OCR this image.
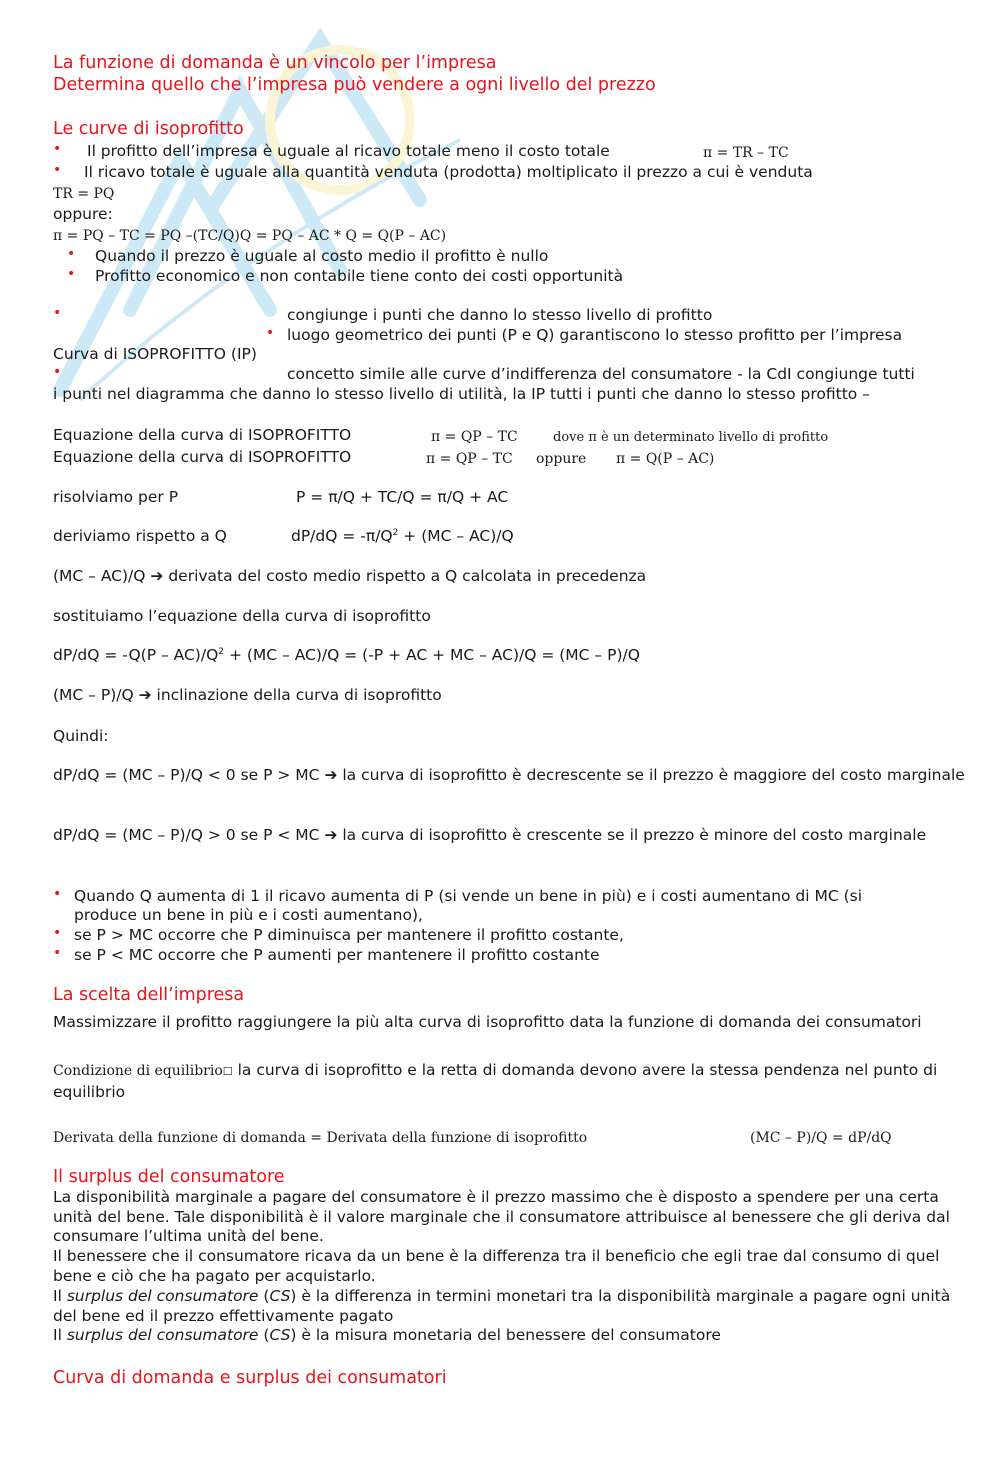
La funzione di domanda è un vincolo per l’impresa
Determina quello che l’impresa può vendere a ogni livello del prezzo
Le curve di isoprofitto
• Il profitto dell’impresa è uguale al ricavo totale meno il costo totale	π = TR – TC
• Il ricavo totale è uguale alla quantità venduta (prodotta) moltiplicato il prezzo a cui è venduta
TR = PQ
oppure:
π = PQ – TC = PQ –(TC/Q)Q = PQ – AC * Q = Q(P – AC)
• Quando il prezzo è uguale al costo medio il profitto è nullo
• Profitto economico e non contabile tiene conto dei costi opportunità
•	congiunge i punti che danno lo stesso livello di profitto
• luogo geometrico dei punti (P e Q) garantiscono lo stesso profitto per l’impresa
Curva di ISOPROFITTO (IP)
•	concetto simile alle curve d’indifferenza del consumatore - la CdI congiunge tutti
i punti nel diagramma che danno lo stesso livello di utilità, la IP tutti i punti che danno lo stesso profitto –
Equazione della curva di ISOPROFITTO	π = QP – TC	dove π è un determinato livello di profitto
Equazione della curva di ISOPROFITTO	π = QP – TC oppure π = Q(P – AC)
risolviamo per P	P = π/Q + TC/Q = π/Q + AC
deriviamo rispetto a Q	$dP/dQ = -\pi/Q^2 + (MC - AC)/Q$
(MC – AC)/Q ➔ derivata del costo medio rispetto a Q calcolata in precedenza
sostituiamo l’equazione della curva di isoprofitto
$dP/dQ = -Q(P - AC)/Q^2 + (MC - AC)/Q = (-P$ + AC + MC – AC)/Q = (MC – P)/Q
(MC – P)/Q ➔ inclinazione della curva di isoprofitto
Quindi:
dP/dQ = (MC – P)/Q < 0 se P > MC ➔ la curva di isoprofitto è decrescente se il prezzo è maggiore del costo marginale
dP/dQ = (MC – P)/Q > 0 se P < MC ➔ la curva di isoprofitto è crescente se il prezzo è minore del costo marginale
• Quando Q aumenta di 1 il ricavo aumenta di P (si vende un bene in più) e i costi aumentano di MC (si
produce un bene in più e i costi aumentano),
• se P > MC occorre che P diminuisca per mantenere il profitto costante,
• se P < MC occorre che P aumenti per mantenere il profitto costante
La scelta dell’impresa
Massimizzare il profitto raggiungere la più alta curva di isoprofitto data la funzione di domanda dei consumatori
Condizione di equilibrio☐ la curva di isoprofitto e la retta di domanda devono avere la stessa pendenza nel punto di equilibrio
Derivata della funzione di domanda = Derivata della funzione di isoprofitto	(MC – P)/Q = dP/dQ
Il surplus del consumatore
La disponibilità marginale a pagare del consumatore è il prezzo massimo che è disposto a spendere per una certa unità del bene. Tale disponibilità è il valore marginale che il consumatore attribuisce al benessere che gli deriva dal consumare l’ultima unità del bene.
Il benessere che il consumatore ricava da un bene è la differenza tra il beneficio che egli trae dal consumo di quel bene e ciò che ha pagato per acquistarlo.
Il surplus del consumatore (CS) è la differenza in termini monetari tra la disponibilità marginale a pagare ogni unità del bene ed il prezzo effettivamente pagato
Il surplus del consumatore (CS) è la misura monetaria del benessere del consumatore
Curva di domanda e surplus dei consumatori
